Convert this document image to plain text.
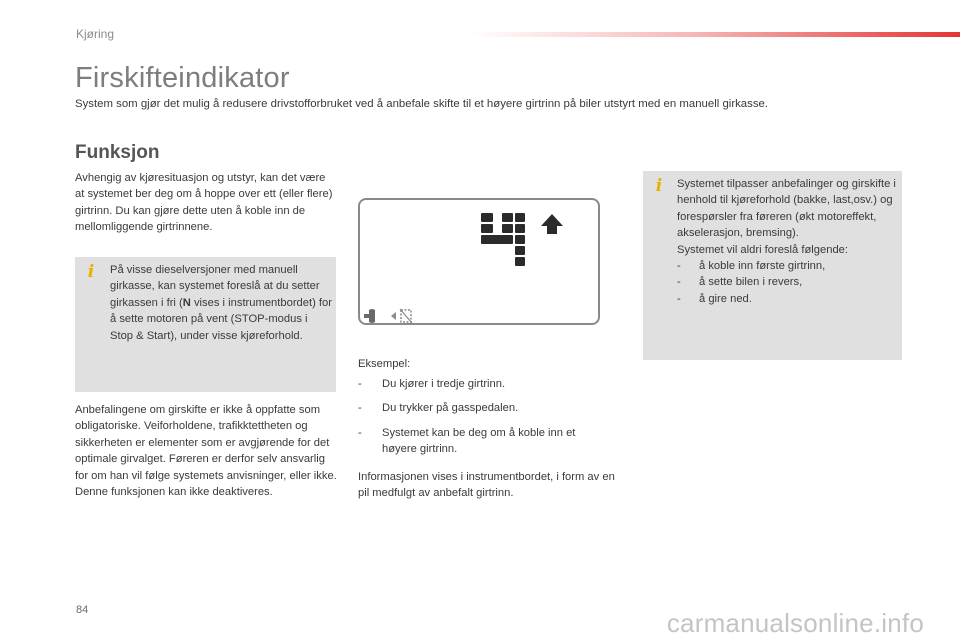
Kjøring
Firskifteindikator

System som gjør det mulig å redusere drivstofforbruket ved å anbefale skifte til et høyere girtrinn på biler utstyrt med en manuell girkasse.

Funksjon

Avhengig av kjøresituasjon og utstyr, kan det være at systemet ber deg om å hoppe over ett (eller flere) girtrinn. Du kan gjøre dette uten å koble inn de mellomliggende girtrinnene.

i	På visse dieselversjoner med manuell girkasse, kan systemet foreslå at du setter girkassen i fri (N vises i instrumentbordet) for å sette motoren på vent (STOP-modus i Stop & Start), under visse kjøreforhold.

Anbefalingene om girskifte er ikke å oppfatte som obligatoriske. Veiforholdene, trafikktettheten og sikkerheten er elementer som er avgjørende for det optimale girvalget. Føreren er derfor selv ansvarlig for om han vil følge systemets anvisninger, eller ikke.
Denne funksjonen kan ikke deaktiveres.

Eksempel:

- Du kjører i tredje girtrinn.
- Du trykker på gasspedalen.
- Systemet kan be deg om å koble inn et høyere girtrinn.

Informasjonen vises i instrumentbordet, i form av en pil medfulgt av anbefalt girtrinn.

i	Systemet tilpasser anbefalinger og girskifte i henhold til kjøreforhold (bakke, last,osv.) og forespørsler fra føreren (økt motoreffekt, akselerasjon, bremsing).
Systemet vil aldri foreslå følgende:
- å koble inn første girtrinn,
- å sette bilen i revers,
- å gire ned.
84	carmanualsonline.info
